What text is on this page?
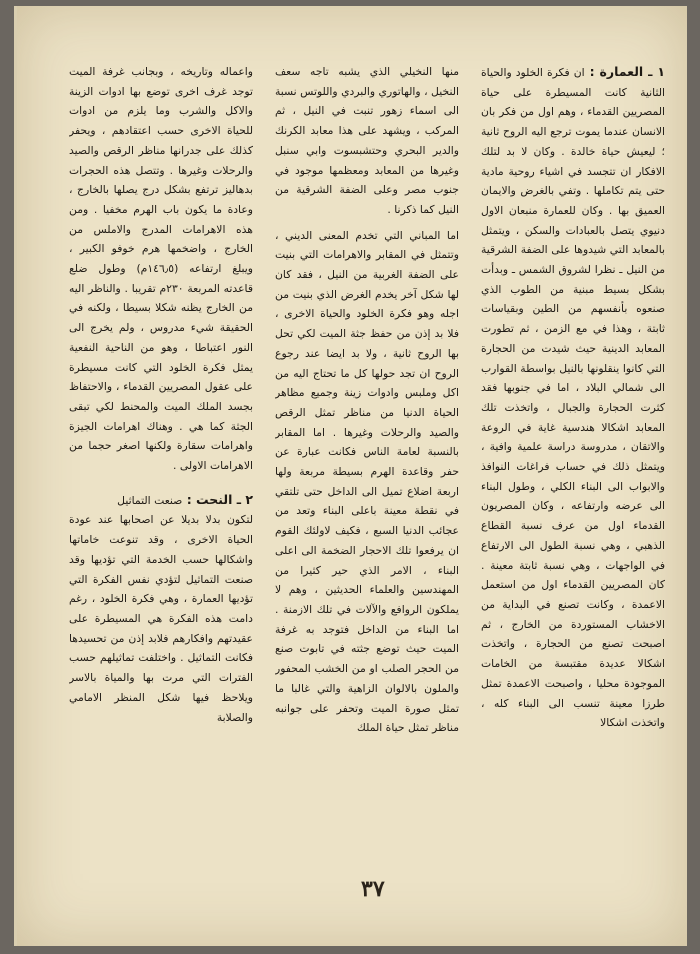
١ ـ العمارة : ان فكرة الخلود والحياة الثانية كانت المسيطرة على حياة المصريين القدماء ، وهم اول من فكر بان الانسان عندما يموت ترجع اليه الروح ثانية ؛ ليعيش حياة خالدة . وكان لا بد لتلك الافكار ان تتجسد في اشياء روحية مادية حتى يتم تكاملها . وتفي بالغرض والايمان العميق بها . وكان للعمارة منبعان الاول دنيوي يتصل بالعبادات والسكن ، ويتمثل بالمعابد التي شيدوها على الضفة الشرقية من النيل ـ نظرا لشروق الشمس ـ وبدأت بشكل بسيط مبنية من الطوب الذي صنعوه بأنفسهم من الطين وبقياسات ثابتة ، وهذا في مع الزمن ، ثم تطورت المعابد الدينية حيث شيدت من الحجارة التي كانوا ينقلونها بالنيل بواسطة القوارب الى شمالي البلاد ، اما في جنوبها فقد كثرت الحجارة والجبال ، واتخذت تلك المعابد اشكالا هندسية غاية في الروعة والاتقان ، مدروسة دراسة علمية وافية ، ويتمثل ذلك في حساب فراغات النوافذ والابواب الى البناء الكلي ، وطول البناء الى عرضه وارتفاعه ، وكان المصريون القدماء اول من عرف نسبة القطاع الذهبي ، وهي نسبة الطول الى الارتفاع في الواجهات ، وهي نسبة ثابتة معينة . كان المصريين القدماء اول من استعمل الاعمدة ، وكانت تصنع في البداية من الاخشاب المستوردة من الخارج ، ثم اصبحت تصنع من الحجارة ، واتخذت اشكالا عديدة مقتبسة من الخامات الموجودة محليا ، واصبحت الاعمدة تمثل طرزا معينة تنسب الى البناء كله ، واتخذت اشكالا

منها النخيلي الذي يشبه تاجه سعف النخيل ، والهاتوري والبردي واللوتس نسبة الى اسماء زهور تنبت في النيل ، ثم المركب ، ويشهد على هذا معابد الكرنك والدير البحري وحتشبسوت وابي سنبل وغيرها من المعابد ومعظمها موجود في جنوب مصر وعلى الضفة الشرقية من النيل كما ذكرنا .

اما المباني التي تخدم المعنى الديني ، وتتمثل في المقابر والاهرامات التي بنيت على الضفة الغربية من النيل ، فقد كان لها شكل آخر يخدم الغرض الذي بنيت من اجله وهو فكرة الخلود والحياة الاخرى ، فلا بد إذن من حفظ جثة الميت لكي تحل بها الروح ثانية ، ولا بد ايضا عند رجوع الروح ان تجد حولها كل ما تحتاج اليه من اكل وملبس وادوات زينة وجميع مظاهر الحياة الدنيا من مناظر تمثل الرقص والصيد والرحلات وغيرها . اما المقابر بالنسبة لعامة الناس فكانت عبارة عن حفر وقاعدة الهرم بسيطة مربعة ولها اربعة اضلاع تميل الى الداخل حتى تلتقي في نقطة معينة باعلى البناء وتعد من عجائب الدنيا السبع ، فكيف لاولئك القوم ان يرفعوا تلك الاحجار الضخمة الى اعلى البناء ، الامر الذي حير كثيرا من المهندسين والعلماء الحديثين ، وهم لا يملكون الروافع والآلات في تلك الازمنة . اما البناء من الداخل فتوجد به غرفة الميت حيث توضع جثته في تابوت صنع من الحجر الصلب او من الخشب المحفور والملون بالالوان الزاهية والتي غالبا ما تمثل صورة الميت وتحفر على جوانبه مناظر تمثل حياة الملك

واعماله وتاريخه ، وبجانب غرفة الميت توجد غرف اخرى توضع بها ادوات الزينة والاكل والشرب وما يلزم من ادوات للحياة الاخرى حسب اعتقادهم ، ويحفر كذلك على جدرانها مناظر الرقص والصيد والرحلات وغيرها . وتتصل هذه الحجرات بدهاليز ترتفع بشكل درج يصلها بالخارج ، وعادة ما يكون باب الهرم مخفيا . ومن هذه الاهرامات المدرج والاملس من الخارج ، واضخمها هرم خوفو الكبير ، ويبلغ ارتفاعه (١٤٦٫٥م) وطول ضلع قاعدته المربعة ٢٣٠م تقريبا . والناظر اليه من الخارج يظنه شكلا بسيطا ، ولكنه في الحقيقة شيء مدروس ، ولم يخرج الى النور اعتباطا ، وهو من الناحية النفعية يمثل فكرة الخلود التي كانت مسيطرة على عقول المصريين القدماء ، والاحتفاظ بجسد الملك الميت والمحنط لكي تبقى الجثة كما هي . وهناك اهرامات الجيزة واهرامات سقارة ولكنها اصغر حجما من الاهرامات الاولى .

٢ ـ النحت : صنعت التماثيل
لتكون بدلا بديلا عن اصحابها عند عودة الحياة الاخرى ، وقد تنوعت خاماتها واشكالها حسب الخدمة التي تؤديها وقد صنعت التماثيل لتؤدي نفس الفكرة التي تؤديها العمارة ، وهي فكرة الخلود ، رغم دامت هذه الفكرة هي المسيطرة على عقيدتهم وافكارهم فلابد إذن من تحسيدها فكانت التماثيل . واختلفت تماثيلهم حسب الفترات التي مرت بها والمياة بالاسر ويلاحظ فيها شكل المنظر الامامي والصلابة

٣٧
